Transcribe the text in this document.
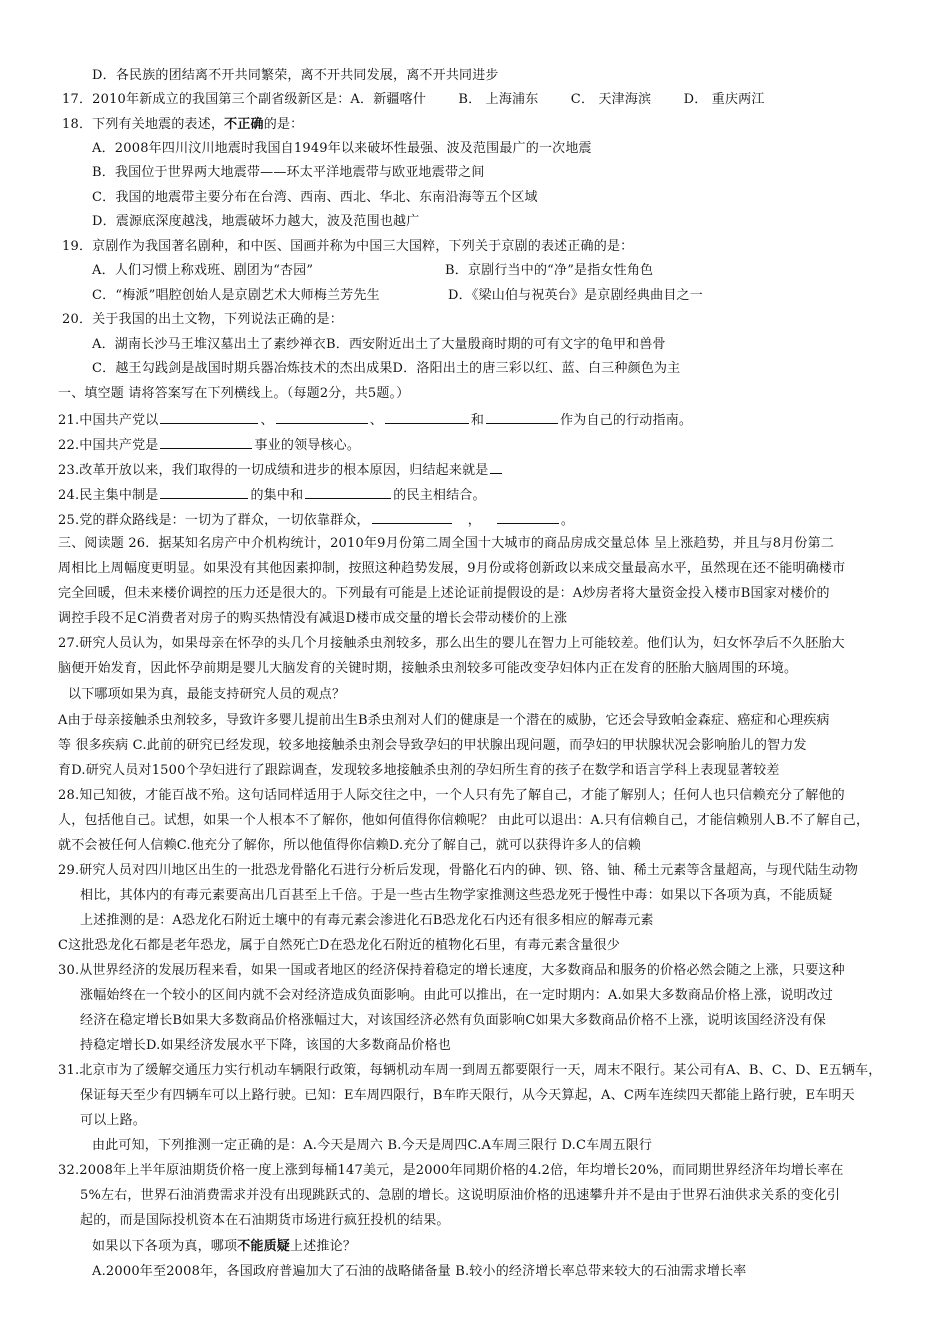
D．各民族的团结离不开共同繁荣，离不开共同发展，离不开共同进步
17．2010年新成立的我国第三个副省级新区是：A．新疆喀什 B． 上海浦东 C． 天津海滨 D． 重庆两江
18．下列有关地震的表述，不正确的是：
A．2008年四川汶川地震时我国自1949年以来破坏性最强、波及范围最广的一次地震
B．我国位于世界两大地震带——环太平洋地震带与欧亚地震带之间
C．我国的地震带主要分布在台湾、西南、西北、华北、东南沿海等五个区域
D．震源底深度越浅，地震破坏力越大，波及范围也越广
19．京剧作为我国著名剧种，和中医、国画并称为中国三大国粹，下列关于京剧的表述正确的是：
A．人们习惯上称戏班、剧团为“杏园”	B．京剧行当中的“净”是指女性角色
C．“梅派”唱腔创始人是京剧艺术大师梅兰芳先生	D．《梁山伯与祝英台》是京剧经典曲目之一
20．关于我国的出土文物，下列说法正确的是：
A．湖南长沙马王堆汉墓出土了素纱禅衣B．西安附近出土了大量殷商时期的可有文字的龟甲和兽骨
C．越王勾践剑是战国时期兵器冶炼技术的杰出成果D．洛阳出土的唐三彩以红、蓝、白三种颜色为主
一、填空题 请将答案写在下列横线上。（每题2分，共5题。）
21.中国共产党以	、	、	和	作为自己的行动指南。
22.中国共产党是	事业的领导核心。
23.改革开放以来，我们取得的一切成绩和进步的根本原因，归结起来就是
24.民主集中制是	的集中和	的民主相结合。
25.党的群众路线是：一切为了群众，一切依靠群众，	，	。
三、阅读题 26．据某知名房产中介机构统计，2010年9月份第二周全国十大城市的商品房成交量总体 呈上涨趋势，并且与8月份第二
周相比上周幅度更明显。如果没有其他因素抑制，按照这种趋势发展，9月份或将创新政以来成交量最高水平，虽然现在还不能明确楼市
完全回暖，但未来楼价调控的压力还是很大的。下列最有可能是上述论证前提假设的是：A炒房者将大量资金投入楼市B国家对楼价的
调控手段不足C消费者对房子的购买热情没有减退D楼市成交量的增长会带动楼价的上涨
27.研究人员认为，如果母亲在怀孕的头几个月接触杀虫剂较多，那么出生的婴儿在智力上可能较差。他们认为，妇女怀孕后不久胚胎大
脑便开始发育，因此怀孕前期是婴儿大脑发育的关键时期，接触杀虫剂较多可能改变孕妇体内正在发育的胚胎大脑周围的环境。
以下哪项如果为真，最能支持研究人员的观点？
A由于母亲接触杀虫剂较多，导致许多婴儿提前出生B杀虫剂对人们的健康是一个潜在的威胁，它还会导致帕金森症、癌症和心理疾病
等 很多疾病 C.此前的研究已经发现，较多地接触杀虫剂会导致孕妇的甲状腺出现问题，而孕妇的甲状腺状况会影响胎儿的智力发
育D.研究人员对1500个孕妇进行了跟踪调查，发现较多地接触杀虫剂的孕妇所生育的孩子在数学和语言学科上表现显著较差
28.知己知彼，才能百战不殆。这句话同样适用于人际交往之中，一个人只有先了解自己，才能了解别人；任何人也只信赖充分了解他的
人，包括他自己。试想，如果一个人根本不了解你，他如何值得你信赖呢？ 由此可以退出：A.只有信赖自己，才能信赖别人B.不了解自己，
就不会被任何人信赖C.他充分了解你，所以他值得你信赖D.充分了解自己，就可以获得许多人的信赖
29.研究人员对四川地区出生的一批恐龙骨骼化石进行分析后发现，骨骼化石内的砷、钡、铬、铀、稀土元素等含量超高，与现代陆生动物
相比，其体内的有毒元素要高出几百甚至上千倍。于是一些古生物学家推测这些恐龙死于慢性中毒：如果以下各项为真，不能质疑
上述推测的是：A恐龙化石附近土壤中的有毒元素会渗进化石B恐龙化石内还有很多相应的解毒元素
C这批恐龙化石都是老年恐龙，属于自然死亡D在恐龙化石附近的植物化石里，有毒元素含量很少
30.从世界经济的发展历程来看，如果一国或者地区的经济保持着稳定的增长速度，大多数商品和服务的价格必然会随之上涨，只要这种
涨幅始终在一个较小的区间内就不会对经济造成负面影响。由此可以推出，在一定时期内：A.如果大多数商品价格上涨，说明改过
经济在稳定增长B如果大多数商品价格涨幅过大，对该国经济必然有负面影响C如果大多数商品价格不上涨，说明该国经济没有保
持稳定增长D.如果经济发展水平下降，该国的大多数商品价格也
31.北京市为了缓解交通压力实行机动车辆限行政策，每辆机动车周一到周五都要限行一天，周末不限行。某公司有A、B、C、D、E五辆车，
保证每天至少有四辆车可以上路行驶。已知：E车周四限行，B车昨天限行，从今天算起，A、C两车连续四天都能上路行驶，E车明天
可以上路。
由此可知，下列推测一定正确的是：A.今天是周六 B.今天是周四C.A车周三限行 D.C车周五限行
32.2008年上半年原油期货价格一度上涨到每桶147美元，是2000年同期价格的4.2倍，年均增长20%，而同期世界经济年均增长率在
5%左右，世界石油消费需求并没有出现跳跃式的、急剧的增长。这说明原油价格的迅速攀升并不是由于世界石油供求关系的变化引
起的，而是国际投机资本在石油期货市场进行疯狂投机的结果。
如果以下各项为真，哪项不能质疑上述推论？
A.2000年至2008年，各国政府普遍加大了石油的战略储备量 B.较小的经济增长率总带来较大的石油需求增长率
